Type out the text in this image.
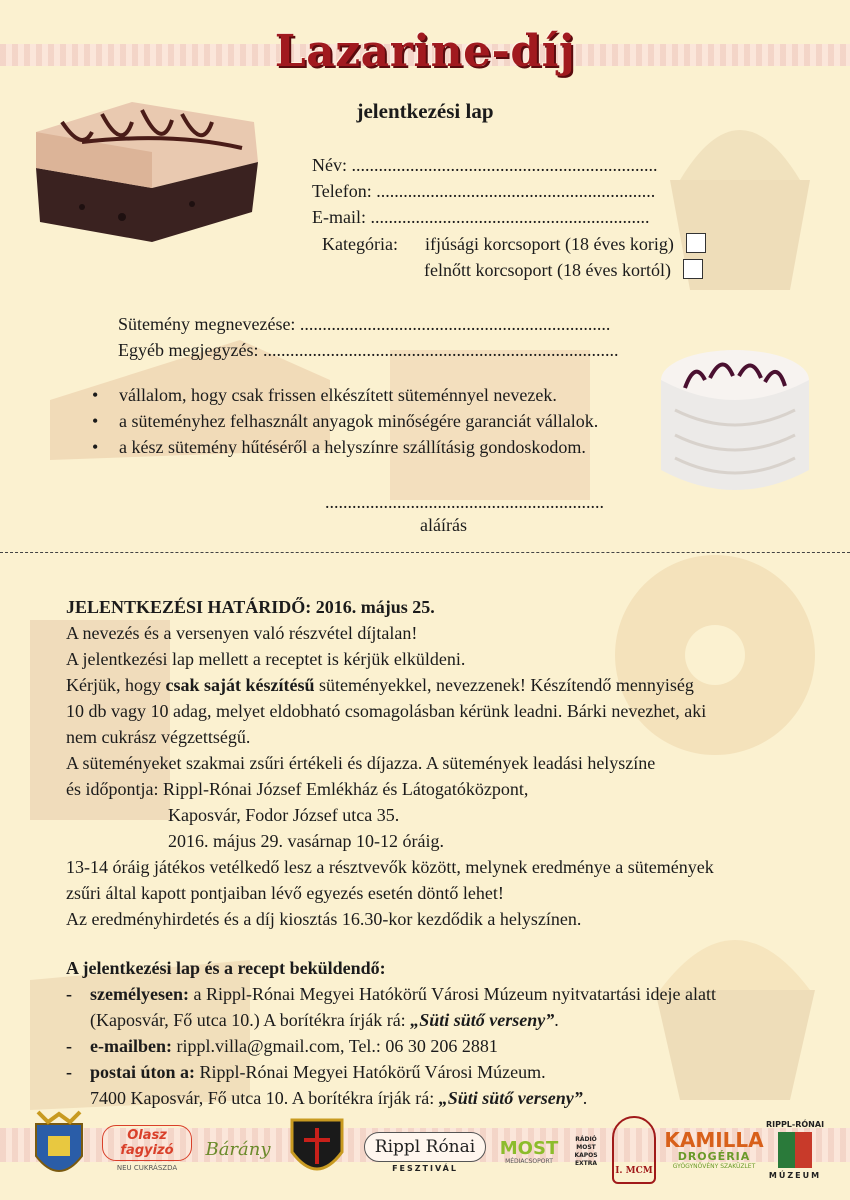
Lazarine-díj
jelentkezési lap
Név: ....................................................................
Telefon: ..............................................................
E-mail: ..............................................................
Kategória: ifjúsági korcsoport (18 éves korig)
felnőtt korcsoport (18 éves kortól)
Sütemény megnevezése: .....................................................................
Egyéb megjegyzés: ...............................................................................
• vállalom, hogy csak frissen elkészített süteménnyel nevezek.
• a süteményhez felhasznált anyagok minőségére garanciát vállalok.
• a kész sütemény hűtéséről a helyszínre szállításig gondoskodom.
..............................................................
aláírás

JELENTKEZÉSI HATÁRIDŐ: 2016. május 25.

A nevezés és a versenyen való részvétel díjtalan!

A jelentkezési lap mellett a receptet is kérjük elküldeni.

Kérjük, hogy csak saját készítésű süteményekkel, nevezzenek! Készítendő mennyiség

10 db vagy 10 adag, melyet eldobható csomagolásban kérünk leadni. Bárki nevezhet, aki

nem cukrász végzettségű.

A süteményeket szakmai zsűri értékeli és díjazza. A sütemények leadási helyszíne

és időpontja: Rippl-Rónai József Emlékház és Látogatóközpont,

Kaposvár, Fodor József utca 35.

2016. május 29. vasárnap 10-12 óráig.

13-14 óráig játékos vetélkedő lesz a résztvevők között, melynek eredménye a sütemények

zsűri által kapott pontjaiban lévő egyezés esetén döntő lehet!

Az eredményhirdetés és a díj kiosztás 16.30-kor kezdődik a helyszínen.

A jelentkezési lap és a recept beküldendő:

- személyesen: a Rippl-Rónai Megyei Hatókörű Városi Múzeum nyitvatartási ideje alatt

(Kaposvár, Fő utca 10.) A borítékra írják rá: „Süti sütő verseny”.

- e-mailben: rippl.villa@gmail.com, Tel.: 06 30 206 2881

- postai úton a: Rippl-Rónai Megyei Hatókörű Városi Múzeum.

7400 Kaposvár, Fő utca 10. A borítékra írják rá: „Süti sütő verseny”.

Olasz fagyizó
NEU CUKRÁSZDA
Bárány	Rippl Rónai
FESZTIVÁL
MOST
MÉDIACSOPORT
RÁDIÓ MOST KAPOS EXTRA
I. MCM
KAMILLA
DROGÉRIA
GYÓGYNÖVÉNY SZAKÜZLET
RIPPL-RÓNAI
MÚZEUM
